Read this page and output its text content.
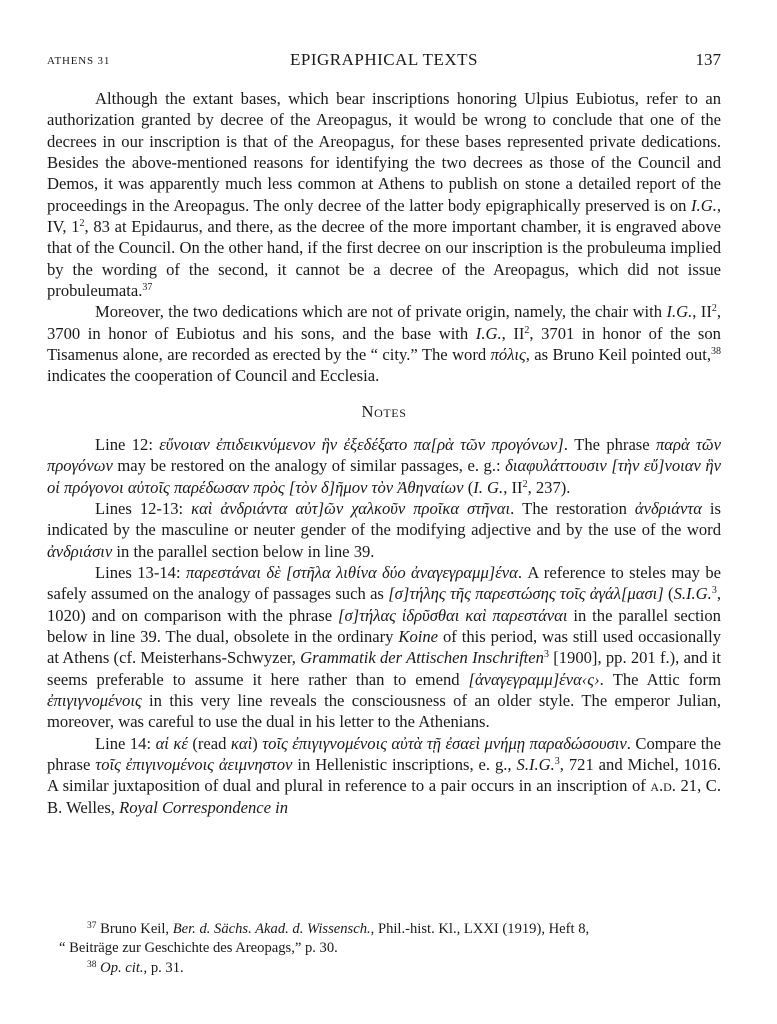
ATHENS 31	EPIGRAPHICAL TEXTS	137

Although the extant bases, which bear inscriptions honoring Ulpius Eubiotus, refer to an authorization granted by decree of the Areopagus, it would be wrong to conclude that one of the decrees in our inscription is that of the Areopagus, for these bases represented private dedications. Besides the above-mentioned reasons for identifying the two decrees as those of the Council and Demos, it was apparently much less common at Athens to publish on stone a detailed report of the proceedings in the Areopagus. The only decree of the latter body epigraphically preserved is on I.G., IV, $1^2$, 83 at Epidaurus, and there, as the decree of the more important chamber, it is engraved above that of the Council. On the other hand, if the first decree on our inscription is the probuleuma implied by the wording of the second, it cannot be a decree of the Areopagus, which did not issue probuleumata.$^{37}$

Moreover, the two dedications which are not of private origin, namely, the chair with I.G., $II^2$, 3700 in honor of Eubiotus and his sons, and the base with I.G., $II^2$, 3701 in honor of the son Tisamenus alone, are recorded as erected by the “ city.” The word πόλις, as Bruno Keil pointed out,$^{38}$ indicates the cooperation of Council and Ecclesia.

Notes

Line 12: εὔνοιαν ἐπιδεικνύμενον ἣν ἐξεδέξατο πα[ρὰ τῶν προγόνων]. The phrase παρὰ τῶν προγόνων may be restored on the analogy of similar passages, e. g.: διαφυλάττουσιν [τὴν εὔ]νοιαν ἣν οἱ πρόγονοι αὐτοῖς παρέδωσαν πρὸς [τὸν δ]ῆμον τὸν Ἀθηναίων (I. G., $II^2$, 237).

Lines 12-13: καὶ ἀνδριάντα αὐτ]ῶν χαλκοῦν προῖκα στῆναι. The restoration ἀνδριάντα is indicated by the masculine or neuter gender of the modifying adjective and by the use of the word ἀνδριάσιν in the parallel section below in line 39.

Lines 13-14: παρεστάναι δὲ [στῆλα λιθίνα δύο ἀναγεγραμμ]ένα. A reference to steles may be safely assumed on the analogy of passages such as [σ]τήλης τῆς παρεστώσης τοῖς ἀγάλ[μασι] (S.I.G.$^3$, 1020) and on comparison with the phrase [σ]τήλας ἱδρῦσθαι καὶ παρεστάναι in the parallel section below in line 39. The dual, obsolete in the ordinary Koine of this period, was still used occasionally at Athens (cf. Meisterhans-Schwyzer, Grammatik der Attischen Inschriften$^3$ [1900], pp. 201 f.), and it seems preferable to assume it here rather than to emend [ἀναγεγραμμ]ένα‹ς›. The Attic form ἐπιγιγνομένοις in this very line reveals the consciousness of an older style. The emperor Julian, moreover, was careful to use the dual in his letter to the Athenians.

Line 14: αἱ κέ (read καὶ) τοῖς ἐπιγιγνομένοις αὐτὰ τῇ ἐσαεὶ μνήμῃ παραδώσουσιν. Compare the phrase τοῖς ἐπιγινομένοις ἀειμνηστον in Hellenistic inscriptions, e. g., S.I.G.$^3$, 721 and Michel, 1016. A similar juxtaposition of dual and plural in reference to a pair occurs in an inscription of a.d. 21, C. B. Welles, Royal Correspondence in

$^{37}$ Bruno Keil, Ber. d. Sächs. Akad. d. Wissensch., Phil.-hist. Kl., LXXI (1919), Heft 8,

“ Beiträge zur Geschichte des Areopags,” p. 30.

$^{38}$ Op. cit., p. 31.
